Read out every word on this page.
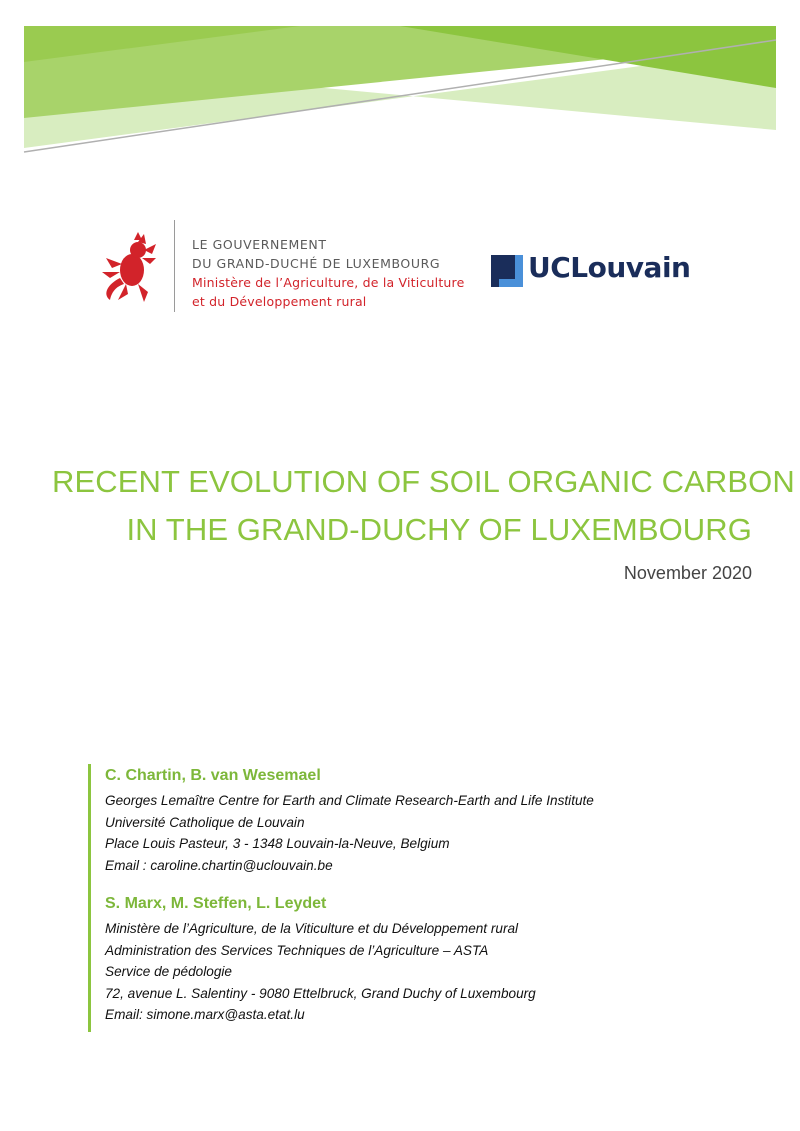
LE GOUVERNEMENT
DU GRAND-DUCHÉ DE LUXEMBOURG
Ministère de l’Agriculture, de la Viticulture
et du Développement rural
UCLouvain
RECENT EVOLUTION OF SOIL ORGANIC CARBON
IN THE GRAND-DUCHY OF LUXEMBOURG
November 2020
C. Chartin, B. van Wesemael
Georges Lemaître Centre for Earth and Climate Research-Earth and Life Institute
Université Catholique de Louvain
Place Louis Pasteur, 3 - 1348 Louvain-la-Neuve, Belgium
Email : caroline.chartin@uclouvain.be
S. Marx, M. Steffen, L. Leydet
Ministère de l’Agriculture, de la Viticulture et du Développement rural
Administration des Services Techniques de l’Agriculture – ASTA
Service de pédologie
72, avenue L. Salentiny - 9080 Ettelbruck, Grand Duchy of Luxembourg
Email: simone.marx@asta.etat.lu
